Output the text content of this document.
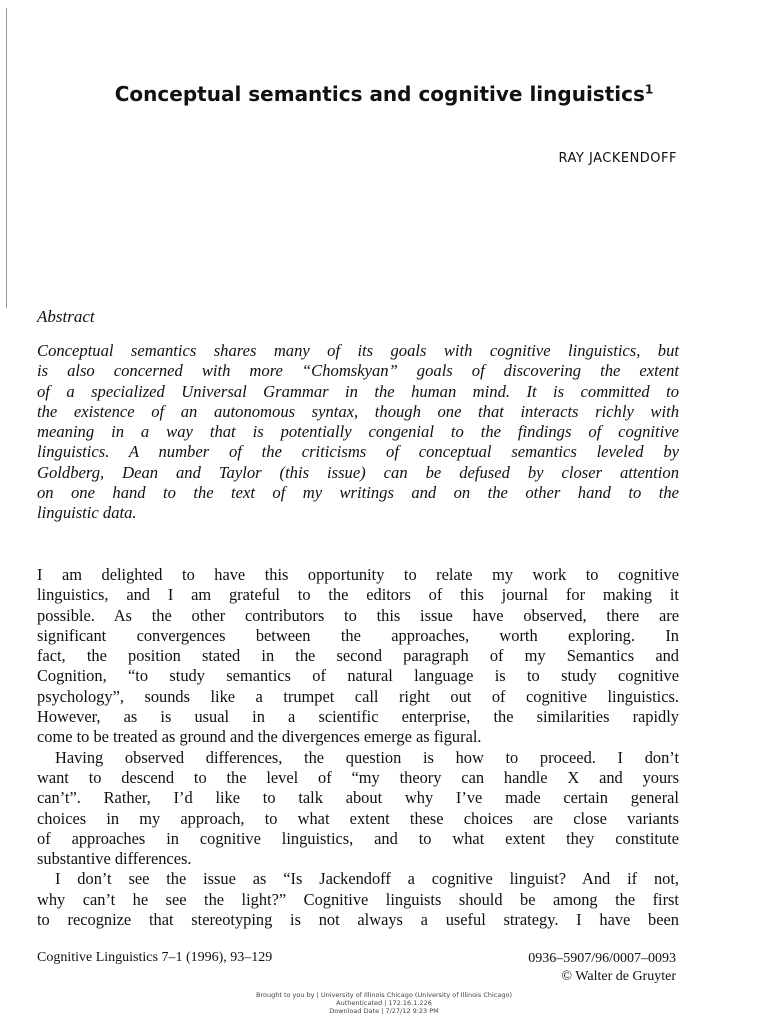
Conceptual semantics and cognitive linguistics$^1$
RAY JACKENDOFF
Abstract
Conceptual semantics shares many of its goals with cognitive linguistics, but
is also concerned with more “Chomskyan” goals of discovering the extent
of a specialized Universal Grammar in the human mind. It is committed to
the existence of an autonomous syntax, though one that interacts richly with
meaning in a way that is potentially congenial to the findings of cognitive
linguistics. A number of the criticisms of conceptual semantics leveled by
Goldberg, Dean and Taylor (this issue) can be defused by closer attention
on one hand to the text of my writings and on the other hand to the
linguistic data.
I am delighted to have this opportunity to relate my work to cognitive
linguistics, and I am grateful to the editors of this journal for making it
possible. As the other contributors to this issue have observed, there are
significant convergences between the approaches, worth exploring. In
fact, the position stated in the second paragraph of my Semantics and
Cognition, “to study semantics of natural language is to study cognitive
psychology”, sounds like a trumpet call right out of cognitive linguistics.
However, as is usual in a scientific enterprise, the similarities rapidly
come to be treated as ground and the divergences emerge as figural.
Having observed differences, the question is how to proceed. I don’t
want to descend to the level of “my theory can handle X and yours
can’t”. Rather, I’d like to talk about why I’ve made certain general
choices in my approach, to what extent these choices are close variants
of approaches in cognitive linguistics, and to what extent they constitute
substantive differences.
I don’t see the issue as “Is Jackendoff a cognitive linguist? And if not,
why can’t he see the light?” Cognitive linguists should be among the first
to recognize that stereotyping is not always a useful strategy. I have been
Cognitive Linguistics 7–1 (1996), 93–129	0936–5907/96/0007–0093
© Walter de Gruyter
Brought to you by | University of Illinois Chicago (University of Illinois Chicago)
Authenticated | 172.16.1.226
Download Date | 7/27/12 9:23 PM
